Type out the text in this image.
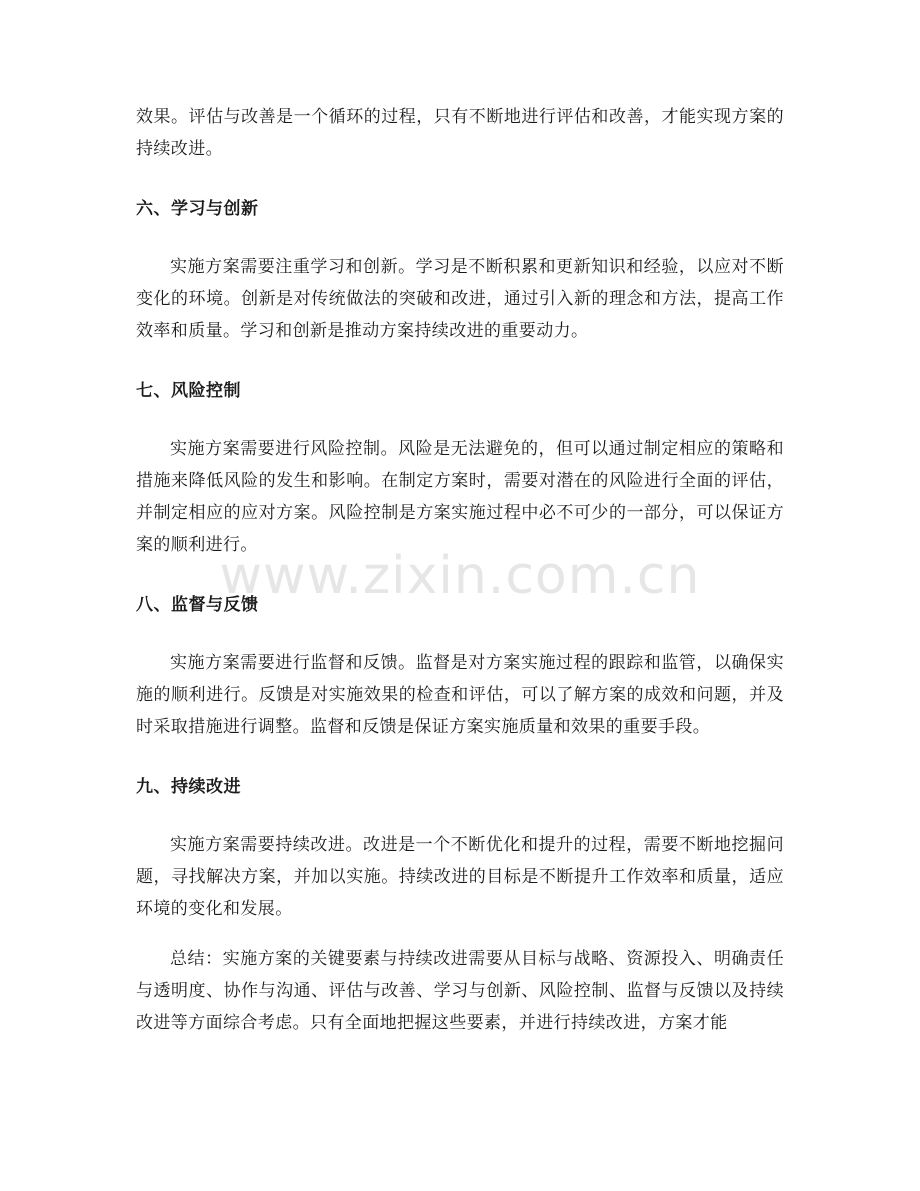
www.zixin.com.cn

效果。评估与改善是一个循环的过程，只有不断地进行评估和改善，才能实现方案的持续改进。

六、学习与创新

实施方案需要注重学习和创新。学习是不断积累和更新知识和经验，以应对不断变化的环境。创新是对传统做法的突破和改进，通过引入新的理念和方法，提高工作效率和质量。学习和创新是推动方案持续改进的重要动力。

七、风险控制

实施方案需要进行风险控制。风险是无法避免的，但可以通过制定相应的策略和措施来降低风险的发生和影响。在制定方案时，需要对潜在的风险进行全面的评估，并制定相应的应对方案。风险控制是方案实施过程中必不可少的一部分，可以保证方案的顺利进行。

八、监督与反馈

实施方案需要进行监督和反馈。监督是对方案实施过程的跟踪和监管，以确保实施的顺利进行。反馈是对实施效果的检查和评估，可以了解方案的成效和问题，并及时采取措施进行调整。监督和反馈是保证方案实施质量和效果的重要手段。

九、持续改进

实施方案需要持续改进。改进是一个不断优化和提升的过程，需要不断地挖掘问题，寻找解决方案，并加以实施。持续改进的目标是不断提升工作效率和质量，适应环境的变化和发展。

总结：实施方案的关键要素与持续改进需要从目标与战略、资源投入、明确责任与透明度、协作与沟通、评估与改善、学习与创新、风险控制、监督与反馈以及持续改进等方面综合考虑。只有全面地把握这些要素，并进行持续改进，方案才能
